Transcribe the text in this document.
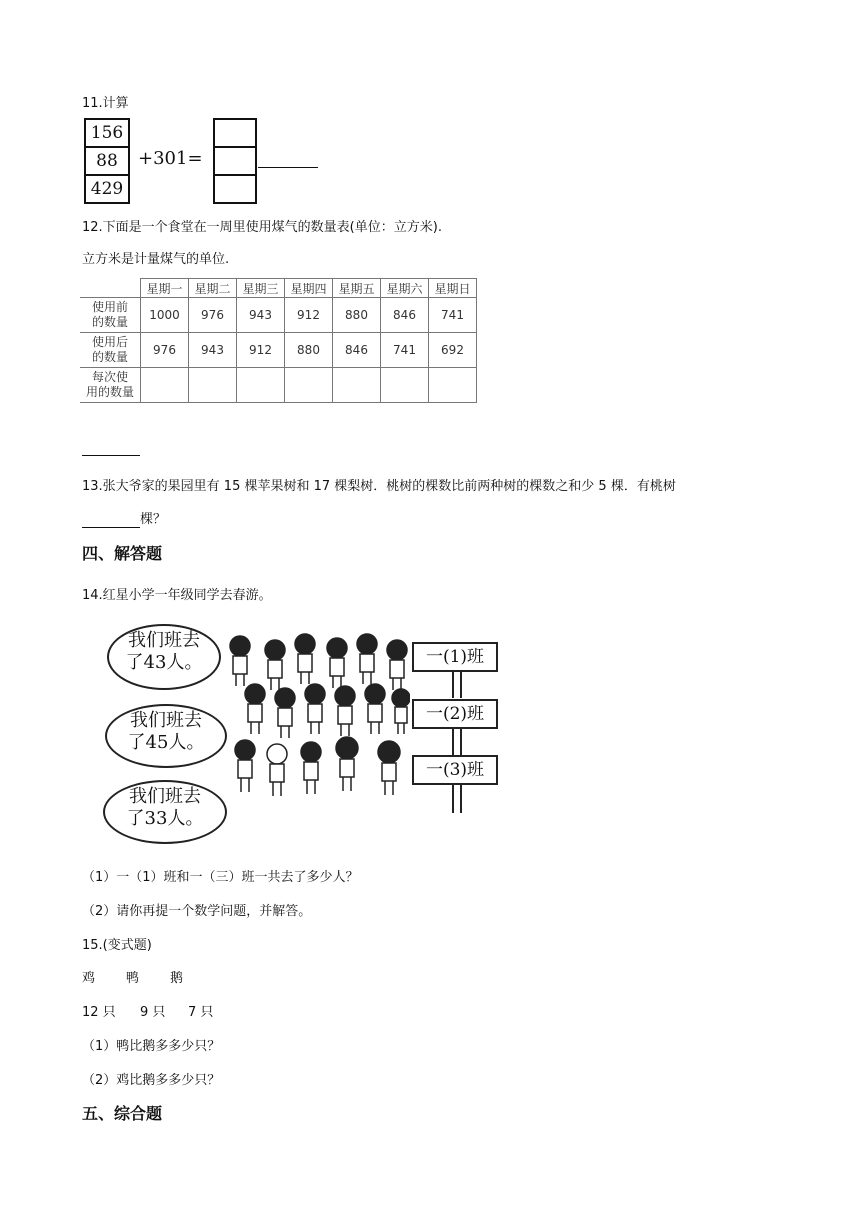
11.计算
156
88
429
+301=
12.下面是一个食堂在一周里使用煤气的数量表(单位：立方米).
立方米是计量煤气的单位.
	星期一	星期二	星期三	星期四	星期五	星期六	星期日
使用前
的数量	1000	976	943	912	880	846	741
使用后
的数量	976	943	912	880	846	741	692
每次使
用的数量							
13.张大爷家的果园里有 15 棵苹果树和 17 棵梨树．桃树的棵数比前两种树的棵数之和少 5 棵．有桃树
棵？
四、解答题
14.红星小学一年级同学去春游。
我们班去
了43人。
我们班去
了45人。
我们班去
了33人。
一(1)班
一(2)班
一(3)班
（1）一（1）班和一（三）班一共去了多少人？
（2）请你再提一个数学问题，并解答。
15.(变式题)
鸡 鸭 鹅
12 只 9 只 7 只
（1）鸭比鹅多多少只？
（2）鸡比鹅多多少只？
五、综合题
